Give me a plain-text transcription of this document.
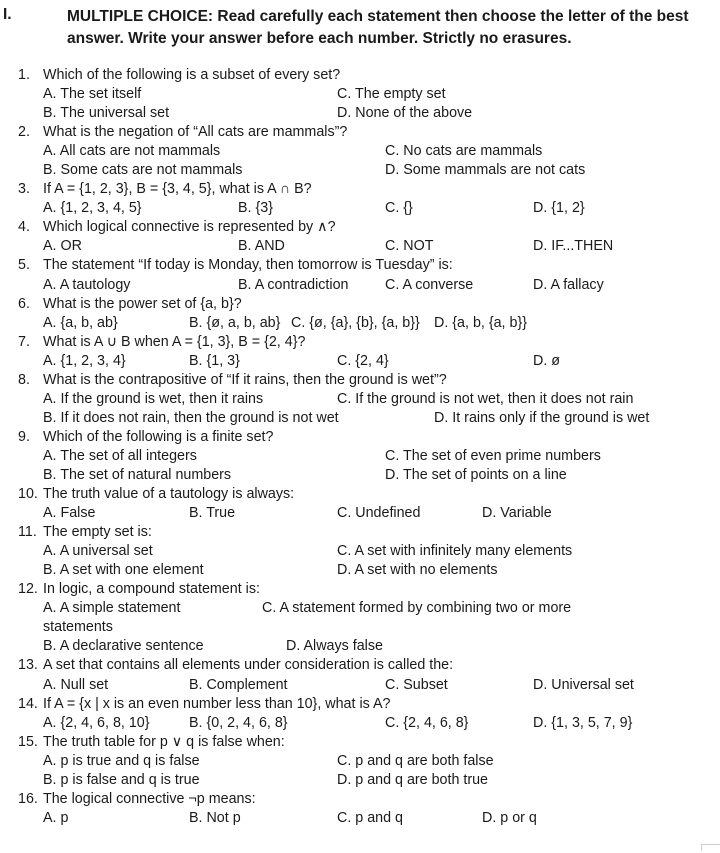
I.	MULTIPLE CHOICE: Read carefully each statement then choose the letter of the best
answer. Write your answer before each number. Strictly no erasures.
1. Which of the following is a subset of every set?
A. The set itself	C. The empty set
B. The universal set	D. None of the above
2. What is the negation of “All cats are mammals”?
A. All cats are not mammals	C. No cats are mammals
B. Some cats are not mammals	D. Some mammals are not cats
3. If A = {1, 2, 3}, B = {3, 4, 5}, what is A ∩ B?
A. {1, 2, 3, 4, 5}	B. {3}	C. {}	D. {1, 2}
4. Which logical connective is represented by ∧?
A. OR	B. AND	C. NOT	D. IF...THEN
5. The statement “If today is Monday, then tomorrow is Tuesday” is:
A. A tautology	B. A contradiction	C. A converse	D. A fallacy
6. What is the power set of {a, b}?
A. {a, b, ab}	B. {ø, a, b, ab} C. {ø, {a}, {b}, {a, b}} D. {a, b, {a, b}}
7. What is A ∪ B when A = {1, 3}, B = {2, 4}?
A. {1, 2, 3, 4}	B. {1, 3}	C. {2, 4}	D. ø
8. What is the contrapositive of “If it rains, then the ground is wet”?
A. If the ground is wet, then it rains	C. If the ground is not wet, then it does not rain
B. If it does not rain, then the ground is not wet	D. It rains only if the ground is wet
9. Which of the following is a finite set?
A. The set of all integers	C. The set of even prime numbers
B. The set of natural numbers	D. The set of points on a line
10. The truth value of a tautology is always:
A. False	B. True	C. Undefined	D. Variable
11. The empty set is:
A. A universal set	C. A set with infinitely many elements
B. A set with one element	D. A set with no elements
12. In logic, a compound statement is:
A. A simple statement	C. A statement formed by combining two or more
statements
B. A declarative sentence	D. Always false
13. A set that contains all elements under consideration is called the:
A. Null set	B. Complement	C. Subset	D. Universal set
14. If A = {x | x is an even number less than 10}, what is A?
A. {2, 4, 6, 8, 10}	B. {0, 2, 4, 6, 8}	C. {2, 4, 6, 8}	D. {1, 3, 5, 7, 9}
15. The truth table for p ∨ q is false when:
A. p is true and q is false	C. p and q are both false
B. p is false and q is true	D. p and q are both true
16. The logical connective ¬p means:
A. p	B. Not p	C. p and q	D. p or q
